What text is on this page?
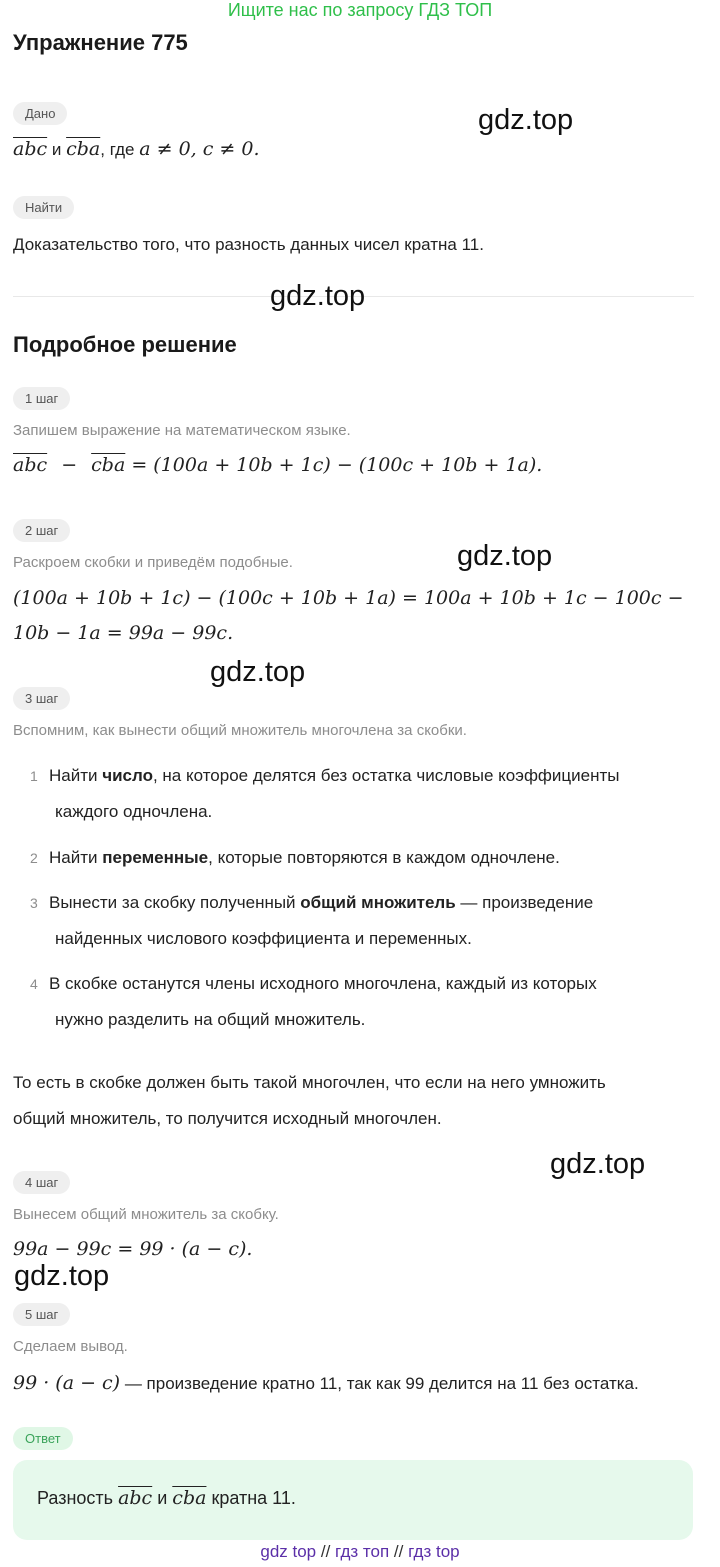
Ищите нас по запросу ГДЗ ТОП
Упражнение 775
Дано
$\overline{abc}$ и $\overline{cba}$, где a ≠ 0, c ≠ 0.
Найти
Доказательство того, что разность данных чисел кратна 11.
gdz.top
gdz.top
gdz.top
gdz.top
gdz.top
gdz.top
Подробное решение
1 шаг
Запишем выражение на математическом языке.
$\overline{abc} - \overline{cba} = (100a + 10b + 1c) - (100c + 10b + 1a)$.
2 шаг
Раскроем скобки и приведём подобные.
(100a + 10b + 1c) − (100c + 10b + 1a) = 100a + 10b + 1c − 100c −
10b − 1a = 99a − 99c.
3 шаг
Вспомним, как вынести общий множитель многочлена за скобки.
1 Найти число, на которое делятся без остатка числовые коэффициенты
каждого одночлена.
2 Найти переменные, которые повторяются в каждом одночлене.
3 Вынести за скобку полученный общий множитель — произведение
найденных числового коэффициента и переменных.
4 В скобке останутся члены исходного многочлена, каждый из которых
нужно разделить на общий множитель.
То есть в скобке должен быть такой многочлен, что если на него умножить
общий множитель, то получится исходный многочлен.
4 шаг
Вынесем общий множитель за скобку.
99a − 99c = 99 · (a − c).
5 шаг
Сделаем вывод.
99 · (a − c) — произведение кратно 11, так как 99 делится на 11 без остатка.
Ответ
Разность $\overline{abc}$ и $\overline{cba}$ кратна 11.
gdz top // гдз топ // гдз top
